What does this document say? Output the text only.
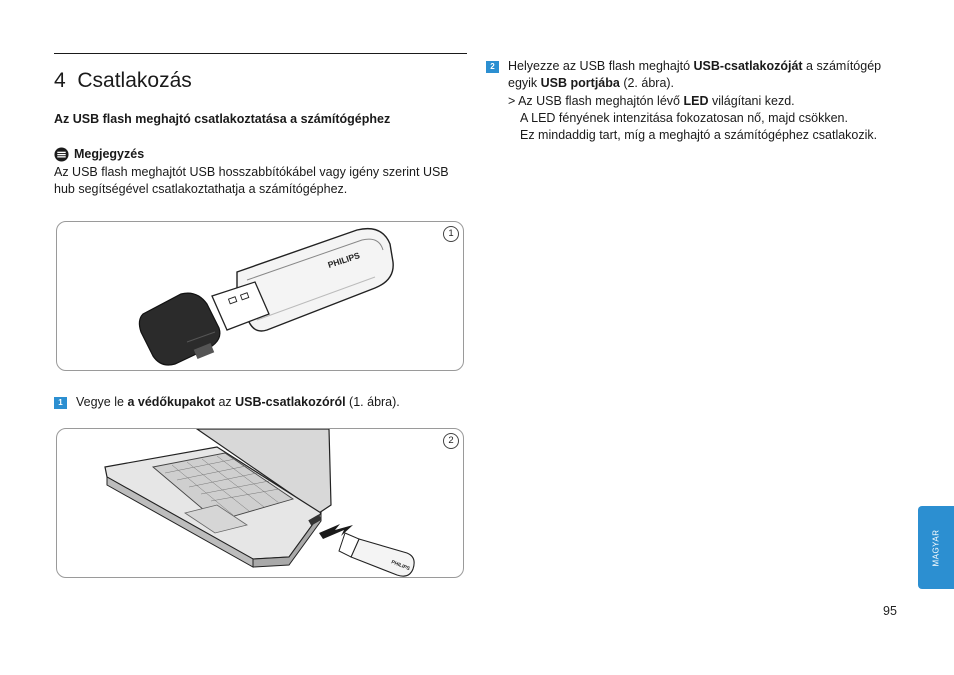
4 Csatlakozás
Az USB flash meghajtó csatlakoztatása a számítógéphez
Megjegyzés

Az USB flash meghajtót USB hosszabbítókábel vagy igény szerint USB hub segítségével csatlakoztathatja a számítógéphez.

1
PHILIPS
1	Vegye le a védőkupakot az USB-csatlakozóról (1. ábra).
2
PHILIPS
2	Helyezze az USB flash meghajtó USB-csatlakozóját a számítógép egyik USB portjába (2. ábra).
> Az USB flash meghajtón lévő LED világítani kezd.
A LED fényének intenzitása fokozatosan nő, majd csökken.
Ez mindaddig tart, míg a meghajtó a számítógéphez csatlakozik.
MAGYAR
95
